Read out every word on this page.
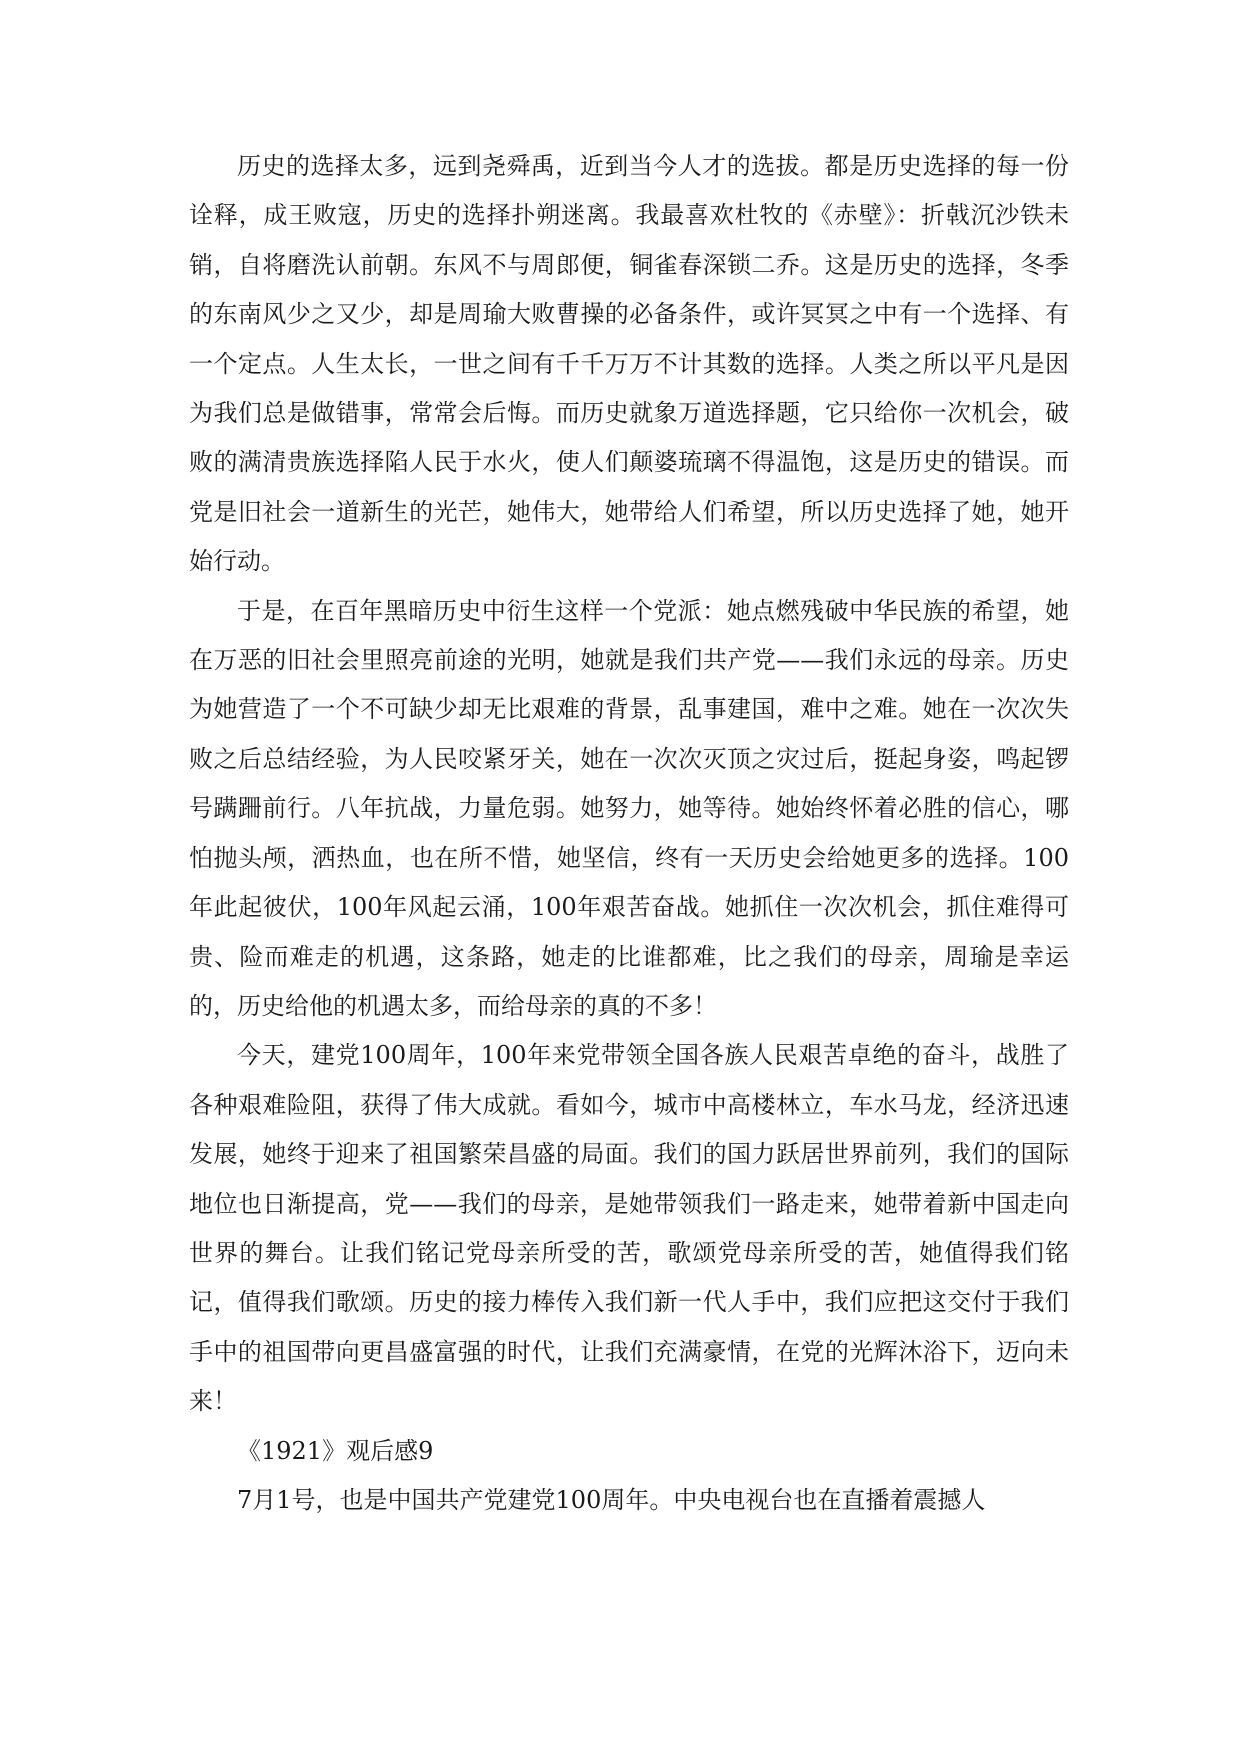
历史的选择太多，远到尧舜禹，近到当今人才的选拔。都是历史选择的每一份诠释，成王败寇，历史的选择扑朔迷离。我最喜欢杜牧的《赤壁》：折戟沉沙铁未销，自将磨洗认前朝。东风不与周郎便，铜雀春深锁二乔。这是历史的选择，冬季的东南风少之又少，却是周瑜大败曹操的必备条件，或许冥冥之中有一个选择、有一个定点。人生太长，一世之间有千千万万不计其数的选择。人类之所以平凡是因为我们总是做错事，常常会后悔。而历史就象万道选择题，它只给你一次机会，破败的满清贵族选择陷人民于水火，使人们颠婆琉璃不得温饱，这是历史的错误。而党是旧社会一道新生的光芒，她伟大，她带给人们希望，所以历史选择了她，她开始行动。

于是，在百年黑暗历史中衍生这样一个党派：她点燃残破中华民族的希望，她在万恶的旧社会里照亮前途的光明，她就是我们共产党——我们永远的母亲。历史为她营造了一个不可缺少却无比艰难的背景，乱事建国，难中之难。她在一次次失败之后总结经验，为人民咬紧牙关，她在一次次灭顶之灾过后，挺起身姿，鸣起锣号蹒跚前行。八年抗战，力量危弱。她努力，她等待。她始终怀着必胜的信心，哪怕抛头颅，洒热血，也在所不惜，她坚信，终有一天历史会给她更多的选择。100年此起彼伏，100年风起云涌，100年艰苦奋战。她抓住一次次机会，抓住难得可贵、险而难走的机遇，这条路，她走的比谁都难，比之我们的母亲，周瑜是幸运的，历史给他的机遇太多，而给母亲的真的不多！

今天，建党100周年，100年来党带领全国各族人民艰苦卓绝的奋斗，战胜了各种艰难险阻，获得了伟大成就。看如今，城市中高楼林立，车水马龙，经济迅速发展，她终于迎来了祖国繁荣昌盛的局面。我们的国力跃居世界前列，我们的国际地位也日渐提高，党——我们的母亲，是她带领我们一路走来，她带着新中国走向世界的舞台。让我们铭记党母亲所受的苦，歌颂党母亲所受的苦，她值得我们铭记，值得我们歌颂。历史的接力棒传入我们新一代人手中，我们应把这交付于我们手中的祖国带向更昌盛富强的时代，让我们充满豪情，在党的光辉沐浴下，迈向未来！

《1921》观后感9

7月1号，也是中国共产党建党100周年。中央电视台也在直播着震撼人
